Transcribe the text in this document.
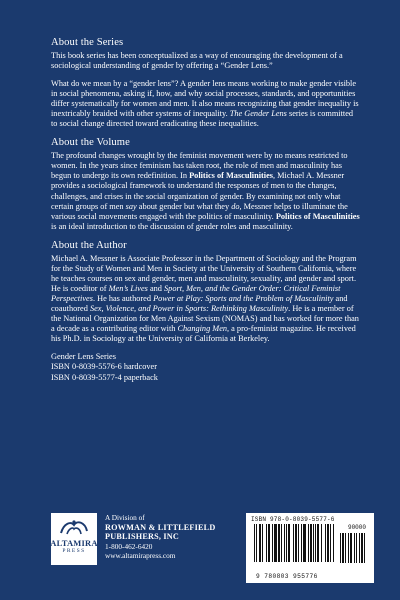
About the Series

This book series has been conceptualized as a way of encouraging the development of a sociological understanding of gender by offering a “Gender Lens.”

What do we mean by a “gender lens”? A gender lens means working to make gender visible in social phenomena, asking if, how, and why social processes, standards, and opportunities differ systematically for women and men. It also means recognizing that gender inequality is inextricably braided with other systems of inequality. The Gender Lens series is committed to social change directed toward eradicating these inequalities.

About the Volume

The profound changes wrought by the feminist movement were by no means restricted to women. In the years since feminism has taken root, the role of men and masculinity has begun to undergo its own redefinition. In Politics of Masculinities, Michael A. Messner provides a sociological framework to understand the responses of men to the changes, challenges, and crises in the social organization of gender. By examining not only what certain groups of men say about gender but what they do, Messner helps to illuminate the various social movements engaged with the politics of masculinity. Politics of Masculinities is an ideal introduction to the discussion of gender roles and masculinity.

About the Author

Michael A. Messner is Associate Professor in the Department of Sociology and the Program for the Study of Women and Men in Society at the University of Southern California, where he teaches courses on sex and gender, men and masculinity, sexuality, and gender and sport. He is coeditor of Men’s Lives and Sport, Men, and the Gender Order: Critical Feminist Perspectives. He has authored Power at Play: Sports and the Problem of Masculinity and coauthored Sex, Violence, and Power in Sports: Rethinking Masculinity. He is a member of the National Organization for Men Against Sexism (NOMAS) and has worked for more than a decade as a contributing editor with Changing Men, a pro-feminist magazine. He received his Ph.D. in Sociology at the University of California at Berkeley.

Gender Lens Series
ISBN 0-8039-5576-6 hardcover
ISBN 0-8039-5577-4 paperback
ALTAMIRA
PRESS
A Division of
ROWMAN & LITTLEFIELD
PUBLISHERS, INC
1-800-462-6420
www.altamirapress.com
ISBN 978-0-8039-5577-6
90000
9 780803 955776
